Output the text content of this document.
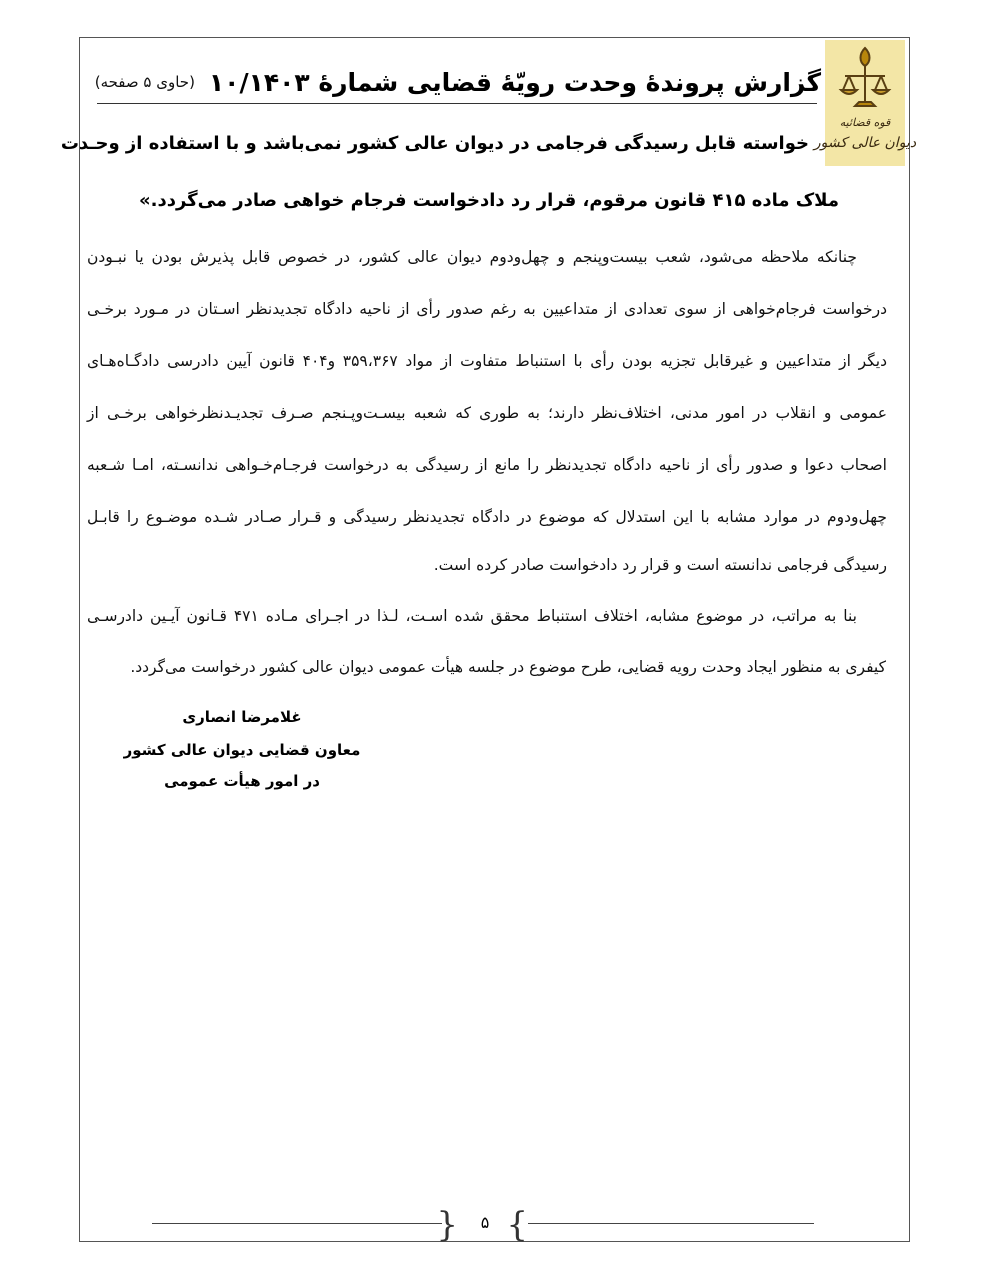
قوه قضائیه
دیوان عالی کشور
گزارش پروندۀ وحدت رویّۀ قضایی شمارۀ ۱۰/۱۴۰۳
(حاوی ۵ صفحه)
خواسته قابل رسیدگی فرجامی در دیوان عالی کشور نمی‌باشد و با استفاده از وحـدت
ملاک ماده ۴۱۵ قانون مرقوم، قرار رد دادخواست فرجام خواهی صادر می‌گردد.»
چنانکه ملاحظه می‌شود، شعب بیست‌وپنجم و چهل‌ودوم دیوان عالی کشور، در خصوص قابل پذیرش بودن یا نبـودن
درخواست فرجام‌خواهی از سوی تعدادی از متداعیین به رغم صدور رأی از ناحیه دادگاه تجدیدنظر اسـتان در مـورد برخـی
دیگر از متداعیین و غیرقابل تجزیه بودن رأی با استنباط متفاوت از مواد ۳۵۹،۳۶۷ و۴۰۴ قانون آیین دادرسی دادگـاه‌هـای
عمومی و انقلاب در امور مدنی، اختلاف‌نظر دارند؛ به طوری که شعبه بیسـت‌وپـنجم صـرف تجدیـدنظرخواهی برخـی از
اصحاب دعوا و صدور رأی از ناحیه دادگاه تجدیدنظر را مانع از رسیدگی به درخواست فرجـام‌خـواهی ندانسـته، امـا شـعبه
چهل‌ودوم در موارد مشابه با این استدلال که موضوع در دادگاه تجدیدنظر رسیدگی و قـرار صـادر شـده موضـوع را قابـل
رسیدگی فرجامی ندانسته است و قرار رد دادخواست صادر کرده است.
بنا به مراتب، در موضوع مشابه، اختلاف استنباط محقق شده اسـت، لـذا در اجـرای مـاده ۴۷۱ قـانون آیـین دادرسـی
کیفری به منظور ایجاد وحدت رویه قضایی، طرح موضوع در جلسه هیأت عمومی دیوان عالی کشور درخواست می‌گردد.
غلامرضا انصاری
معاون قضایی دیوان عالی کشور
در امور هیأت عمومی
{ }
۵
